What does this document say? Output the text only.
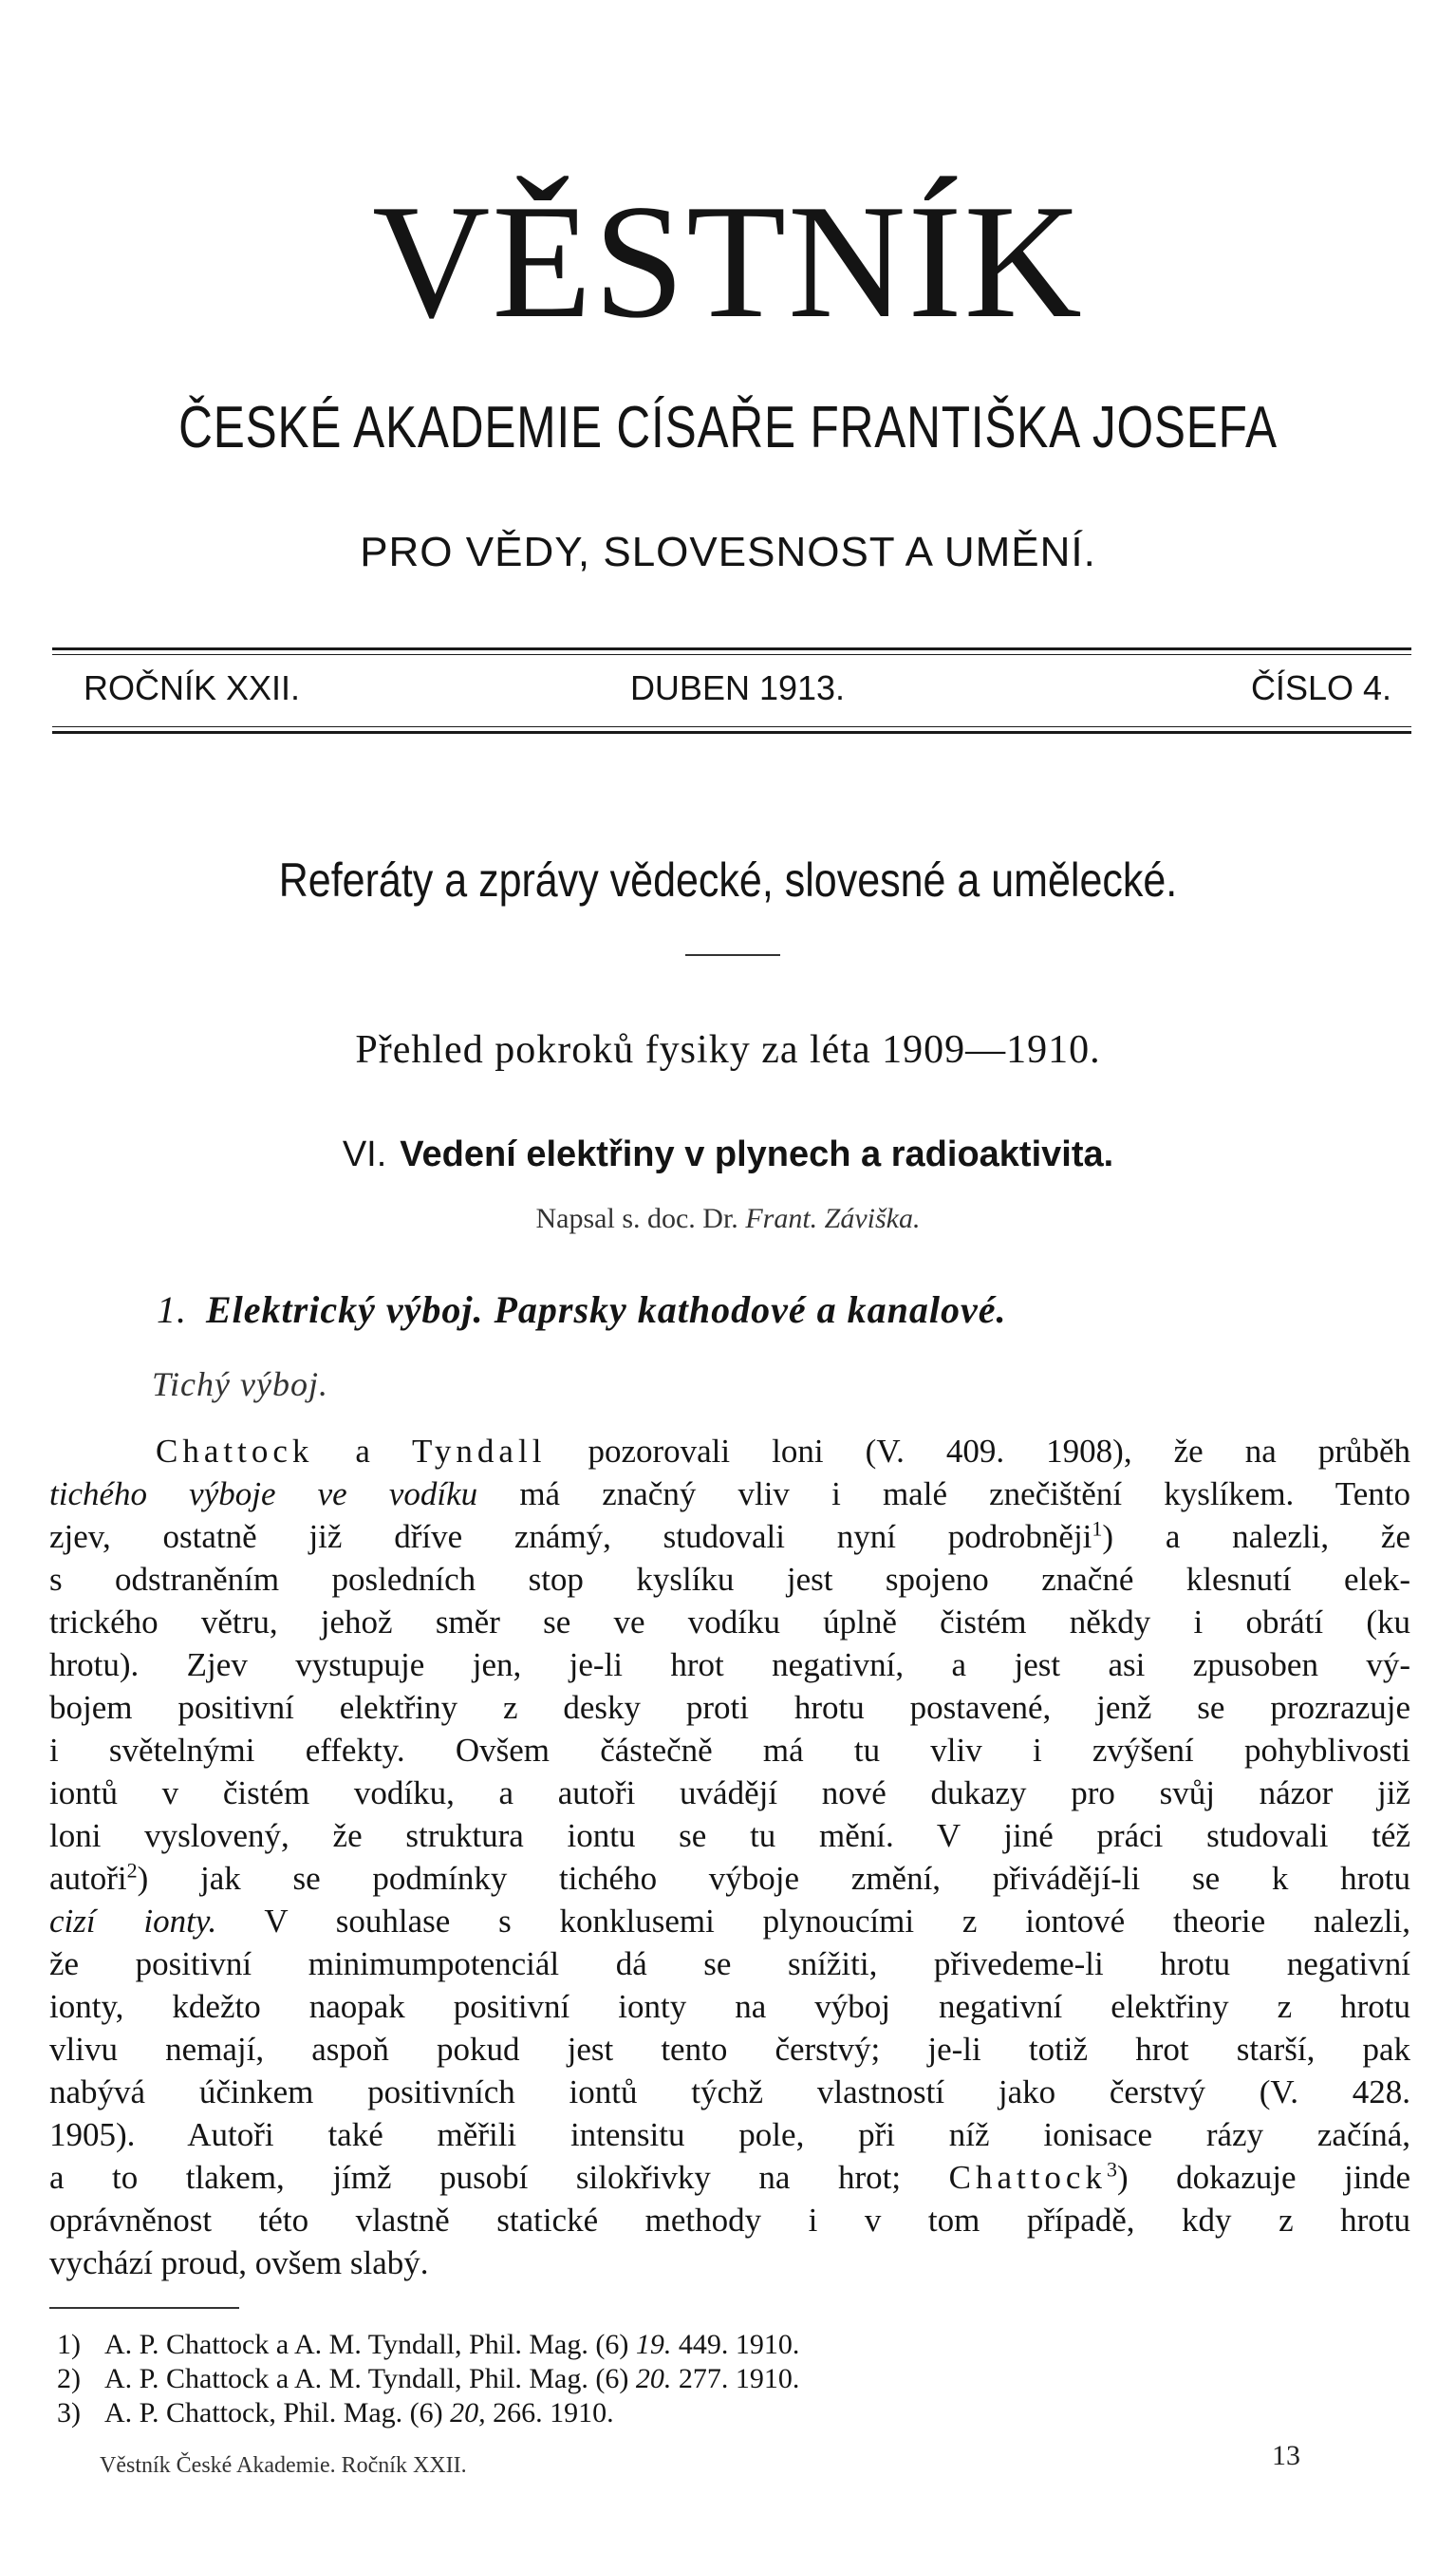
VĚSTNÍK
ČESKÉ AKADEMIE CÍSAŘE FRANTIŠKA JOSEFA
PRO VĚDY, SLOVESNOST A UMĚNÍ.
ROČNÍK XXII.	DUBEN 1913.	ČÍSLO 4.
Referáty a zprávy vědecké, slovesné a umělecké.
Přehled pokroků fysiky za léta 1909—1910.
VI. Vedení elektřiny v plynech a radioaktivita.
Napsal s. doc. Dr. Frant. Záviška.
1. Elektrický výboj. Paprsky kathodové a kanalové.
Tichý výboj.
Chattock a Tyndall pozorovali loni (V. 409. 1908), že na průběh
tichého výboje ve vodíku má značný vliv i malé znečištění kyslíkem. Tento
zjev, ostatně již dříve známý, studovali nyní podrobněji$^1$) a nalezli, že
s odstraněním posledních stop kyslíku jest spojeno značné klesnutí elek-
trického větru, jehož směr se ve vodíku úplně čistém někdy i obrátí (ku
hrotu). Zjev vystupuje jen, je-li hrot negativní, a jest asi zpusoben vý-
bojem positivní elektřiny z desky proti hrotu postavené, jenž se prozrazuje
i světelnými effekty. Ovšem částečně má tu vliv i zvýšení pohyblivosti
iontů v čistém vodíku, a autoři uvádějí nové dukazy pro svůj názor již
loni vyslovený, že struktura iontu se tu mění. V jiné práci studovali též
autoři$^2$) jak se podmínky tichého výboje změní, přivádějí-li se k hrotu
cizí ionty. V souhlase s konklusemi plynoucími z iontové theorie nalezli,
že positivní minimumpotenciál dá se snížiti, přivedeme-li hrotu negativní
ionty, kdežto naopak positivní ionty na výboj negativní elektřiny z hrotu
vlivu nemají, aspoň pokud jest tento čerstvý; je-li totiž hrot starší, pak
nabývá účinkem positivních iontů týchž vlastností jako čerstvý (V. 428.
1905). Autoři také měřili intensitu pole, při níž ionisace rázy začíná,
a to tlakem, jímž pusobí silokřivky na hrot; Chattock$^3$) dokazuje jinde
oprávněnost této vlastně statické methody i v tom případě, kdy z hrotu
vychází proud, ovšem slabý.
1) A. P. Chattock a A. M. Tyndall, Phil. Mag. (6) 19. 449. 1910.
2) A. P. Chattock a A. M. Tyndall, Phil. Mag. (6) 20. 277. 1910.
3) A. P. Chattock, Phil. Mag. (6) 20, 266. 1910.
Věstník České Akademie. Ročník XXII.	13
